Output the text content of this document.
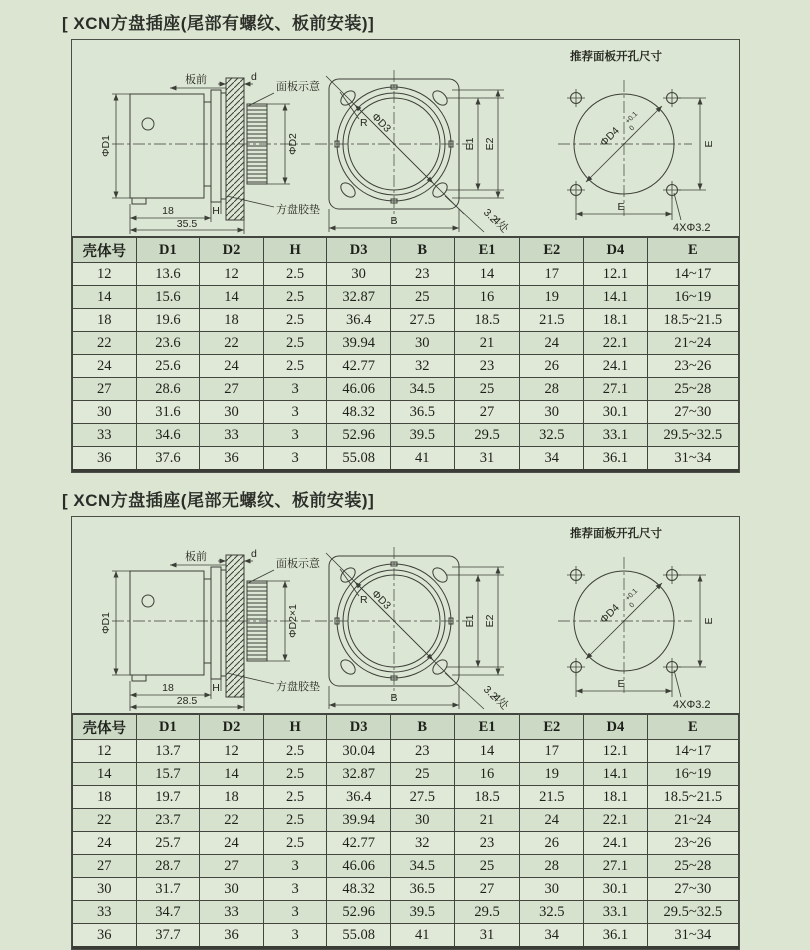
[ XCN方盘插座(尾部有螺纹、板前安装)]
ΦD1	ΦD2
板前	d
面板示意
方盘胶垫
18	H
35.5
ΦD3
R
E1 E2
B	3.2
4处
推荐面板开孔尺寸
ΦD4
+0.1
0
E
E
4XΦ3.2
壳体号	D1	D2	H	D3	B	E1	E2	D4	E
12	13.6	12	2.5	30	23	14	17	12.1	14~17
14	15.6	14	2.5	32.87	25	16	19	14.1	16~19
18	19.6	18	2.5	36.4	27.5	18.5	21.5	18.1	18.5~21.5
22	23.6	22	2.5	39.94	30	21	24	22.1	21~24
24	25.6	24	2.5	42.77	32	23	26	24.1	23~26
27	28.6	27	3	46.06	34.5	25	28	27.1	25~28
30	31.6	30	3	48.32	36.5	27	30	30.1	27~30
33	34.6	33	3	52.96	39.5	29.5	32.5	33.1	29.5~32.5
36	37.6	36	3	55.08	41	31	34	36.1	31~34
[ XCN方盘插座(尾部无螺纹、板前安装)]
ΦD1	ΦD2×1
板前	d
面板示意
方盘胶垫
18	H
28.5
ΦD3
R
E1 E2
B	3.2
4处
推荐面板开孔尺寸
ΦD4
+0.1
0
E
E
4XΦ3.2
壳体号	D1	D2	H	D3	B	E1	E2	D4	E
12	13.7	12	2.5	30.04	23	14	17	12.1	14~17
14	15.7	14	2.5	32.87	25	16	19	14.1	16~19
18	19.7	18	2.5	36.4	27.5	18.5	21.5	18.1	18.5~21.5
22	23.7	22	2.5	39.94	30	21	24	22.1	21~24
24	25.7	24	2.5	42.77	32	23	26	24.1	23~26
27	28.7	27	3	46.06	34.5	25	28	27.1	25~28
30	31.7	30	3	48.32	36.5	27	30	30.1	27~30
33	34.7	33	3	52.96	39.5	29.5	32.5	33.1	29.5~32.5
36	37.7	36	3	55.08	41	31	34	36.1	31~34
